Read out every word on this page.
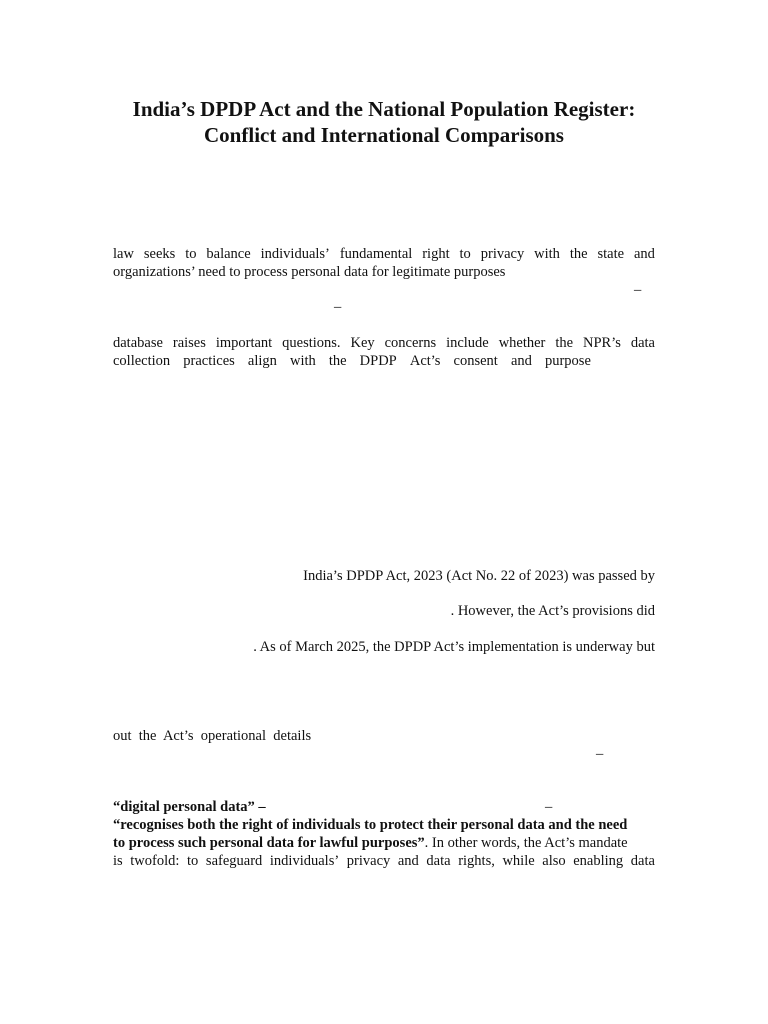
India’s DPDP Act and the National Population Register:
Conflict and International Comparisons
law seeks to balance individuals’ fundamental right to privacy with the state and
organizations’ need to process personal data for legitimate purposes
–
–
database raises important questions. Key concerns include whether the NPR’s data
collection practices align with the DPDP Act’s consent and purpose
India’s DPDP Act, 2023 (Act No. 22 of 2023) was passed by
. However, the Act’s provisions did
. As of March 2025, the DPDP Act’s implementation is underway but
out  the  Act’s  operational  details
–
“digital personal data” –	–
“recognises both the right of individuals to protect their personal data and the need
to process such personal data for lawful purposes”. In other words, the Act’s mandate
is twofold: to safeguard individuals’ privacy and data rights, while also enabling data
